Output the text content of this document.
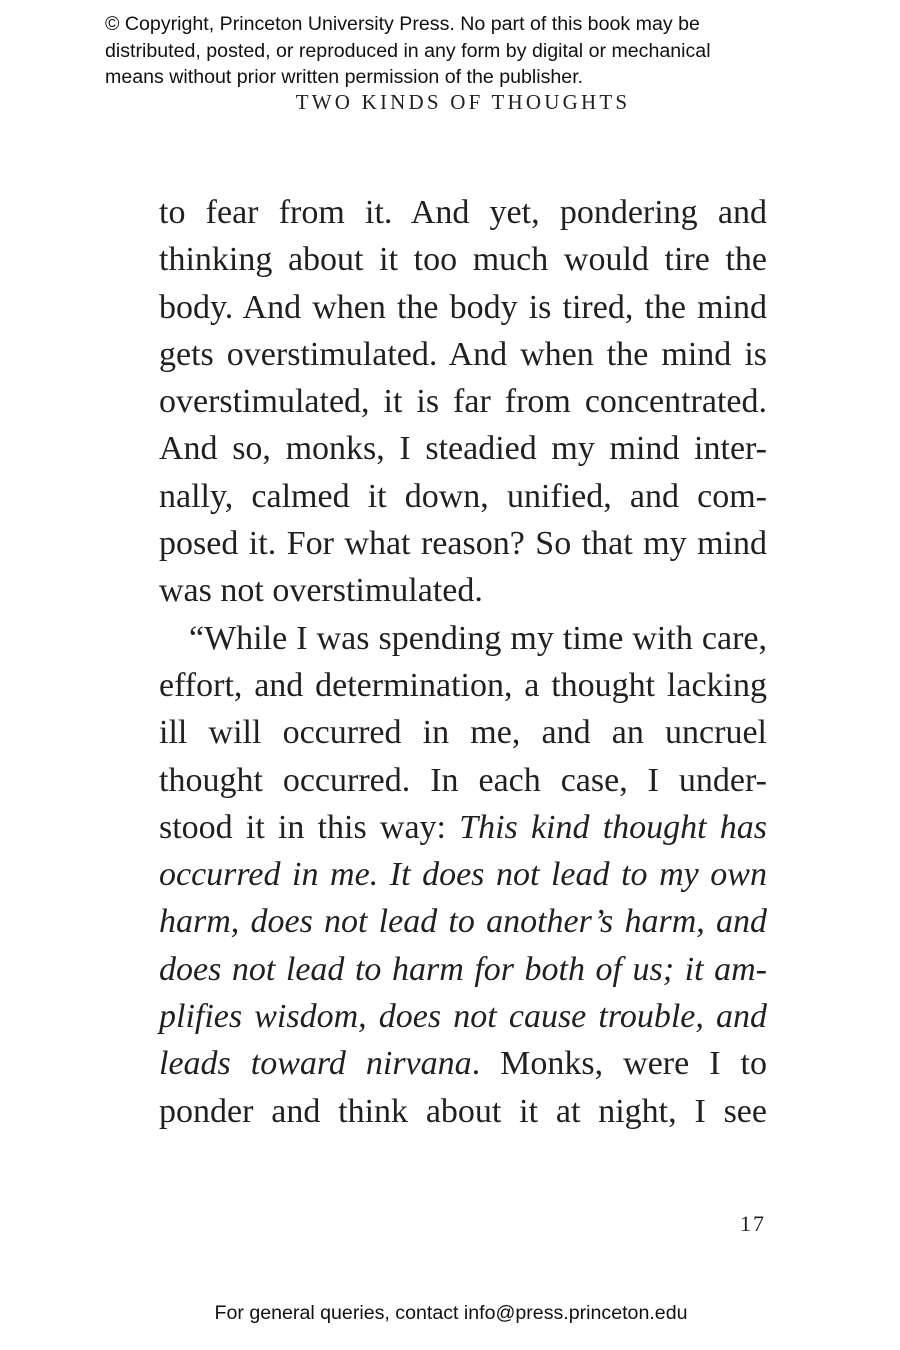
© Copyright, Princeton University Press. No part of this book may be
distributed, posted, or reproduced in any form by digital or mechanical
means without prior written permission of the publisher.
TWO KINDS OF THOUGHTS
to fear from it. And yet, pondering and
thinking about it too much would tire the
body. And when the body is tired, the mind
gets overstimulated. And when the mind is
overstimulated, it is far from concentrated.
And so, monks, I steadied my mind inter-
nally, calmed it down, unified, and com-
posed it. For what reason? So that my mind
was not overstimulated.
“While I was spending my time with care,
effort, and determination, a thought lacking
ill will occurred in me, and an uncruel
thought occurred. In each case, I under-
stood it in this way: This kind thought has
occurred in me. It does not lead to my own
harm, does not lead to another’s harm, and
does not lead to harm for both of us; it am-
plifies wisdom, does not cause trouble, and
leads toward nirvana. Monks, were I to
ponder and think about it at night, I see
17
For general queries, contact info@press.princeton.edu
